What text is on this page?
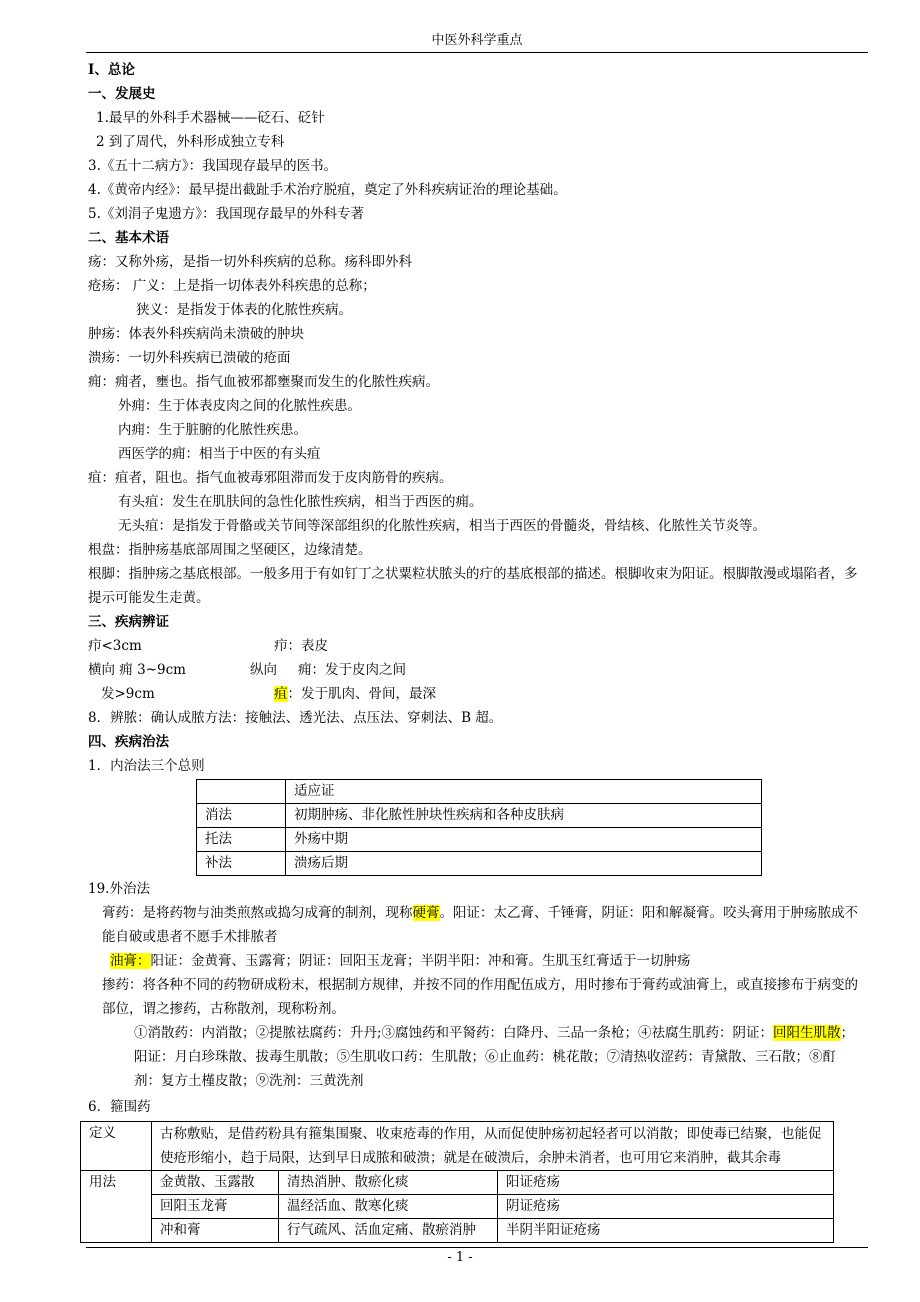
中医外科学重点
I、总论
一、发展史
1.最早的外科手术器械——砭石、砭针
2 到了周代，外科形成独立专科
3.《五十二病方》：我国现存最早的医书。
4.《黄帝内经》：最早提出截趾手术治疗脱疽，奠定了外科疾病证治的理论基础。
5.《刘涓子鬼遗方》：我国现存最早的外科专著
二、基本术语
疡：又称外疡，是指一切外科疾病的总称。疡科即外科
疮疡： 广义：上是指一切体表外科疾患的总称；
狭义：是指发于体表的化脓性疾病。
肿疡：体表外科疾病尚未溃破的肿块
溃疡：一切外科疾病已溃破的疮面
痈：痈者，壅也。指气血被邪都壅聚而发生的化脓性疾病。
外痈：生于体表皮肉之间的化脓性疾患。
内痈：生于脏腑的化脓性疾患。
西医学的痈：相当于中医的有头疽
疽：疽者，阻也。指气血被毒邪阻滞而发于皮肉筋骨的疾病。
有头疽：发生在肌肤间的急性化脓性疾病，相当于西医的痈。
无头疽：是指发于骨骼或关节间等深部组织的化脓性疾病，相当于西医的骨髓炎，骨结核、化脓性关节炎等。
根盘：指肿疡基底部周围之坚硬区，边缘清楚。
根脚：指肿疡之基底根部。一般多用于有如钉丁之状粟粒状脓头的疔的基底根部的描述。根脚收束为阳证。根脚散漫或塌陷者，多提示可能发生走黄。
三、疾病辨证
疖<3cm	疖：表皮
横向 痈 3~9cm	纵向 痈：发于皮肉之间
发>9cm	疽：发于肌肉、骨间，最深
8．辨脓：确认成脓方法：接触法、透光法、点压法、穿刺法、B 超。
四、疾病治法
1．内治法三个总则
	适应证
消法	初期肿疡、非化脓性肿块性疾病和各种皮肤病
托法	外疡中期
补法	溃疡后期
19.外治法
膏药：是将药物与油类煎熬或捣匀成膏的制剂，现称硬膏。阳证：太乙膏、千锤膏，阴证：阳和解凝膏。咬头膏用于肿疡脓成不能自破或患者不愿手术排脓者
油膏：阳证：金黄膏、玉露膏；阴证：回阳玉龙膏；半阴半阳：冲和膏。生肌玉红膏适于一切肿疡
掺药：将各种不同的药物研成粉末，根据制方规律，并按不同的作用配伍成方，用时掺布于膏药或油膏上，或直接掺布于病变的部位，谓之掺药，古称散剂，现称粉剂。
①消散药：内消散；②提脓祛腐药：升丹;③腐蚀药和平胬药：白降丹、三品一条枪；④祛腐生肌药：阴证：回阳生肌散；阳证：月白珍珠散、拔毒生肌散；⑤生肌收口药：生肌散；⑥止血药：桃花散；⑦清热收涩药：青黛散、三石散；⑧酊剂：复方土槿皮散；⑨洗剂：三黄洗剂
6．箍围药
定义	古称敷贴，是借药粉具有箍集围聚、收束疮毒的作用，从而促使肿疡初起轻者可以消散；即使毒已结聚，也能促使疮形缩小，趋于局限，达到早日成脓和破溃；就是在破溃后，余肿未消者，也可用它来消肿，截其余毒
用法		金黄散、玉露散	清热消肿、散瘀化痰	阳证疮疡
回阳玉龙膏	温经活血、散寒化痰	阴证疮疡
冲和膏	行气疏风、活血定痛、散瘀消肿	半阴半阳证疮疡
- 1 -
